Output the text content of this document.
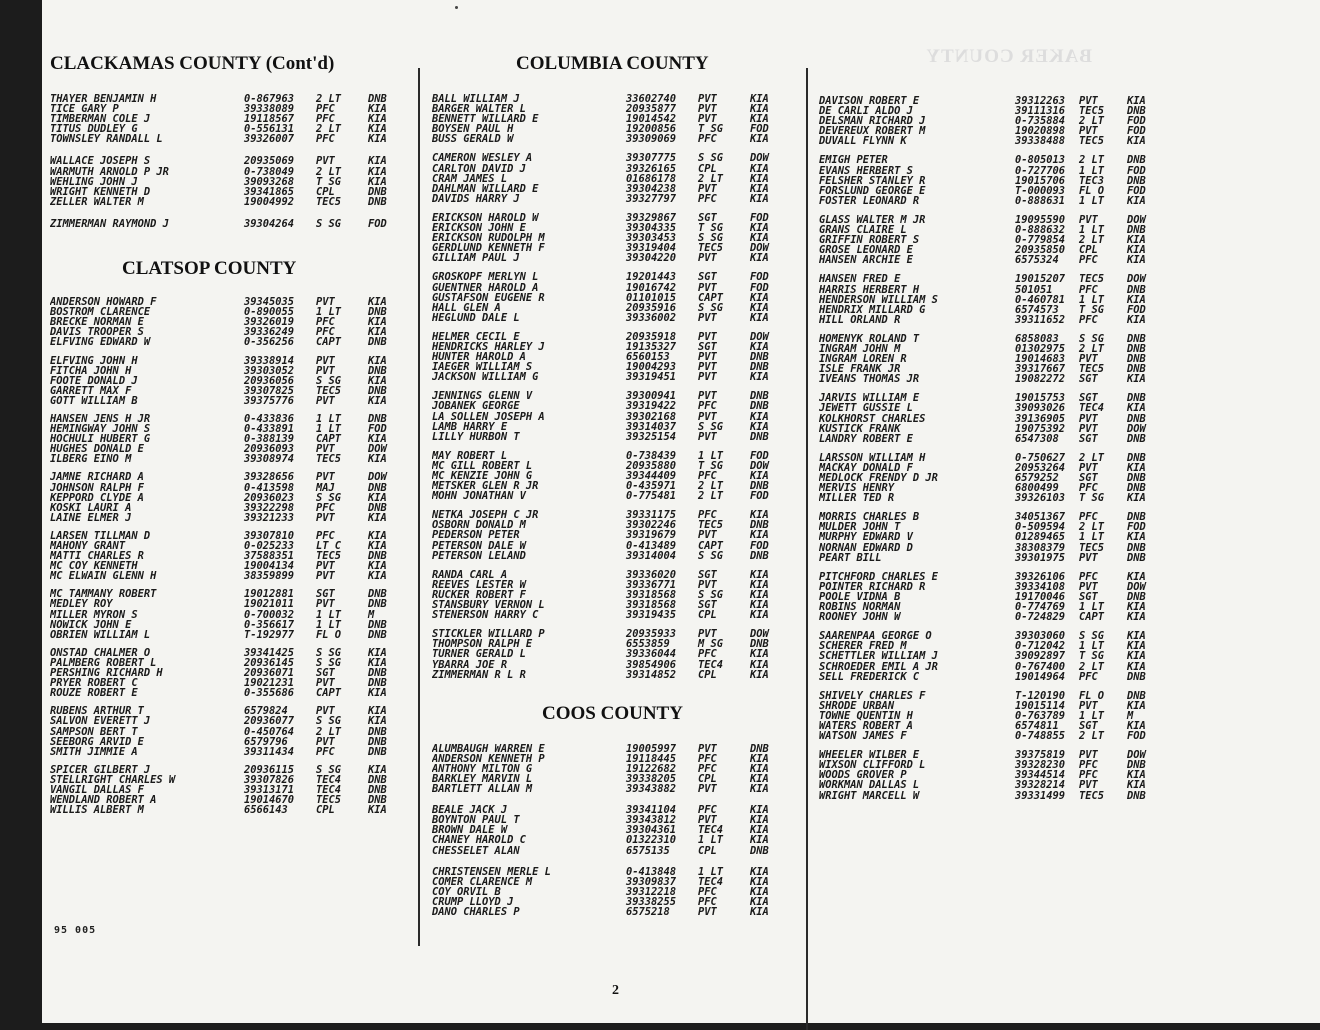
BAKER COUNTY
CLACKAMAS COUNTY (Cont'd)
THAYER BENJAMIN H	0-867963	2 LT	DNB
TICE GARY P	39338089	PFC	KIA
TIMBERMAN COLE J	19118567	PFC	KIA
TITUS DUDLEY G	0-556131	2 LT	KIA
TOWNSLEY RANDALL L	39326007	PFC	KIA
WALLACE JOSEPH S	20935069	PVT	KIA
WARMUTH ARNOLD P JR	0-738049	2 LT	KIA
WEHLING JOHN J	39093268	T SG	KIA
WRIGHT KENNETH D	39341865	CPL	DNB
ZELLER WALTER M	19004992	TEC5	DNB
ZIMMERMAN RAYMOND J	39304264	S SG	FOD
CLATSOP COUNTY
ANDERSON HOWARD F	39345035	PVT	KIA
BOSTROM CLARENCE	0-890055	1 LT	DNB
BRECKE NORMAN E	39326019	PFC	KIA
DAVIS TROOPER S	39336249	PFC	KIA
ELFVING EDWARD W	0-356256	CAPT	DNB
ELFVING JOHN H	39338914	PVT	KIA
FITCHA JOHN H	39303052	PVT	DNB
FOOTE DONALD J	20936056	S SG	KIA
GARRETT MAX F	39307825	TEC5	DNB
GOTT WILLIAM B	39375776	PVT	KIA
HANSEN JENS H JR	0-433836	1 LT	DNB
HEMINGWAY JOHN S	0-433891	1 LT	FOD
HOCHULI HUBERT G	0-388139	CAPT	KIA
HUGHES DONALD E	20936093	PVT	DOW
ILBERG EINO M	39308974	TEC5	KIA
JAMNE RICHARD A	39328656	PVT	DOW
JOHNSON RALPH F	0-413598	MAJ	DNB
KEPPORD CLYDE A	20936023	S SG	KIA
KOSKI LAURI A	39322298	PFC	DNB
LAINE ELMER J	39321233	PVT	KIA
LARSEN TILLMAN D	39307810	PFC	KIA
MAHONY GRANT	0-025233	LT C	KIA
MATTI CHARLES R	37588351	TEC5	DNB
MC COY KENNETH	19004134	PVT	KIA
MC ELWAIN GLENN H	38359899	PVT	KIA
MC TAMMANY ROBERT	19012881	SGT	DNB
MEDLEY ROY	19021011	PVT	DNB
MILLER MYRON S	0-700032	1 LT	M
NOWICK JOHN E	0-356617	1 LT	DNB
OBRIEN WILLIAM L	T-192977	FL O	DNB
ONSTAD CHALMER O	39341425	S SG	KIA
PALMBERG ROBERT L	20936145	S SG	KIA
PERSHING RICHARD H	20936071	SGT	DNB
PRYER ROBERT C	19021231	PVT	DNB
ROUZE ROBERT E	0-355686	CAPT	KIA
RUBENS ARTHUR T	6579824	PVT	KIA
SALVON EVERETT J	20936077	S SG	KIA
SAMPSON BERT T	0-450764	2 LT	DNB
SEEBORG ARVID E	6579796	PVT	DNB
SMITH JIMMIE A	39311434	PFC	DNB
SPICER GILBERT J	20936115	S SG	KIA
STELLRIGHT CHARLES W	39307826	TEC4	DNB
VANGIL DALLAS F	39313171	TEC4	DNB
WENDLAND ROBERT A	19014670	TEC5	DNB
WILLIS ALBERT M	6566143	CPL	KIA
COLUMBIA COUNTY
BALL WILLIAM J	33602740	PVT	KIA
BARGER WALTER L	20935877	PVT	KIA
BENNETT WILLARD E	19014542	PVT	KIA
BOYSEN PAUL H	19200856	T SG	FOD
BUSS GERALD W	39309069	PFC	KIA
CAMERON WESLEY A	39307775	S SG	DOW
CARLTON DAVID J	39326165	CPL	KIA
CRAM JAMES L	01686178	2 LT	KIA
DAHLMAN WILLARD E	39304238	PVT	KIA
DAVIDS HARRY J	39327797	PFC	KIA
ERICKSON HAROLD W	39329867	SGT	FOD
ERICKSON JOHN E	39304335	T SG	KIA
ERICKSON RUDOLPH M	39303453	S SG	KIA
GERDLUND KENNETH F	39319404	TEC5	DOW
GILLIAM PAUL J	39304220	PVT	KIA
GROSKOPF MERLYN L	19201443	SGT	FOD
GUENTNER HAROLD A	19016742	PVT	FOD
GUSTAFSON EUGENE R	01101015	CAPT	KIA
HALL GLEN A	20935916	S SG	KIA
HEGLUND DALE L	39336002	PVT	KIA
HELMER CECIL E	20935918	PVT	DOW
HENDRICKS HARLEY J	19135327	SGT	KIA
HUNTER HAROLD A	6560153	PVT	DNB
IAEGER WILLIAM S	19004293	PVT	DNB
JACKSON WILLIAM G	39319451	PVT	KIA
JENNINGS GLENN V	39300941	PVT	DNB
JOBANEK GEORGE	39319422	PFC	DNB
LA SOLLEN JOSEPH A	39302168	PVT	KIA
LAMB HARRY E	39314037	S SG	KIA
LILLY HURBON T	39325154	PVT	DNB
MAY ROBERT L	0-738439	1 LT	FOD
MC GILL ROBERT L	20935880	T SG	DOW
MC KENZIE JOHN G	39344409	PFC	KIA
METSKER GLEN R JR	0-435971	2 LT	DNB
MOHN JONATHAN V	0-775481	2 LT	FOD
NETKA JOSEPH C JR	39331175	PFC	KIA
OSBORN DONALD M	39302246	TEC5	DNB
PEDERSON PETER	39319679	PVT	KIA
PETERSON DALE W	0-413489	CAPT	FOD
PETERSON LELAND	39314004	S SG	DNB
RANDA CARL A	39336020	SGT	KIA
REEVES LESTER W	39336771	PVT	KIA
RUCKER ROBERT F	39318568	S SG	KIA
STANSBURY VERNON L	39318568	SGT	KIA
STENERSON HARRY C	39319435	CPL	KIA
STICKLER WILLARD P	20935933	PVT	DOW
THOMPSON RALPH E	6553859	M SG	DNB
TURNER GERALD L	39336044	PFC	KIA
YBARRA JOE R	39854906	TEC4	KIA
ZIMMERMAN R L R	39314852	CPL	KIA
COOS COUNTY
ALUMBAUGH WARREN E	19005997	PVT	DNB
ANDERSON KENNETH P	19118445	PFC	KIA
ANTHONY MILTON G	19122682	PFC	KIA
BARKLEY MARVIN L	39338205	CPL	KIA
BARTLETT ALLAN M	39343882	PVT	KIA
BEALE JACK J	39341104	PFC	KIA
BOYNTON PAUL T	39343812	PVT	KIA
BROWN DALE W	39304361	TEC4	KIA
CHANEY HAROLD C	01322310	1 LT	KIA
CHESSELET ALAN	6575135	CPL	DNB
CHRISTENSEN MERLE L	0-413848	1 LT	KIA
COMER CLARENCE M	39309837	TEC4	KIA
COY ORVIL B	39312218	PFC	KIA
CRUMP LLOYD J	39338255	PFC	KIA
DANO CHARLES P	6575218	PVT	KIA
DAVISON ROBERT E	39312263	PVT	KIA
DE CARLI ALDO J	39111316	TEC5	DNB
DELSMAN RICHARD J	0-735884	2 LT	FOD
DEVEREUX ROBERT M	19020898	PVT	FOD
DUVALL FLYNN K	39338488	TEC5	KIA
EMIGH PETER	0-805013	2 LT	DNB
EVANS HERBERT S	0-727706	1 LT	FOD
FELSHER STANLEY R	19015706	TEC3	DNB
FORSLUND GEORGE E	T-000093	FL O	FOD
FOSTER LEONARD R	0-888631	1 LT	KIA
GLASS WALTER M JR	19095590	PVT	DOW
GRANS CLAIRE L	0-888632	1 LT	DNB
GRIFFIN ROBERT S	0-779854	2 LT	KIA
GROSE LEONARD E	20935850	CPL	KIA
HANSEN ARCHIE E	6575324	PFC	KIA
HANSEN FRED E	19015207	TEC5	DOW
HARRIS HERBERT H	501051	PFC	DNB
HENDERSON WILLIAM S	0-460781	1 LT	KIA
HENDRIX MILLARD G	6574573	T SG	FOD
HILL ORLAND R	39311652	PFC	KIA
HOMENYK ROLAND T	6858083	S SG	DNB
INGRAM JOHN M	01302975	2 LT	DNB
INGRAM LOREN R	19014683	PVT	DNB
ISLE FRANK JR	39317667	TEC5	DNB
IVEANS THOMAS JR	19082272	SGT	KIA
JARVIS WILLIAM E	19015753	SGT	DNB
JEWETT GUSSIE L	39093026	TEC4	KIA
KOLKHORST CHARLES	39136905	PVT	DNB
KUSTICK FRANK	19075392	PVT	DOW
LANDRY ROBERT E	6547308	SGT	DNB
LARSSON WILLIAM H	0-750627	2 LT	DNB
MACKAY DONALD F	20953264	PVT	KIA
MEDLOCK FRENDY D JR	6579252	SGT	DNB
MERVIS HENRY	6800499	PFC	DNB
MILLER TED R	39326103	T SG	KIA
MORRIS CHARLES B	34051367	PFC	DNB
MULDER JOHN T	0-509594	2 LT	FOD
MURPHY EDWARD V	01289465	1 LT	KIA
NORNAN EDWARD D	38308379	TEC5	DNB
PEART BILL	39301975	PVT	DNB
PITCHFORD CHARLES E	39326106	PFC	KIA
POINTER RICHARD R	39334108	PVT	DOW
POOLE VIDNA B	19170046	SGT	DNB
ROBINS NORMAN	0-774769	1 LT	KIA
ROONEY JOHN W	0-724829	CAPT	KIA
SAARENPAA GEORGE O	39303060	S SG	KIA
SCHERER FRED M	0-712042	1 LT	KIA
SCHETTLER WILLIAM J	39092897	T SG	KIA
SCHROEDER EMIL A JR	0-767400	2 LT	KIA
SELL FREDERICK C	19014964	PFC	DNB
SHIVELY CHARLES F	T-120190	FL O	DNB
SHRODE URBAN	19015114	PVT	KIA
TOWNE QUENTIN H	0-763789	1 LT	M
WATERS ROBERT A	6574811	SGT	KIA
WATSON JAMES F	0-748855	2 LT	FOD
WHEELER WILBER E	39375819	PVT	DOW
WIXSON CLIFFORD L	39328230	PFC	DNB
WOODS GROVER P	39344514	PFC	KIA
WORKMAN DALLAS L	39328214	PVT	KIA
WRIGHT MARCELL W	39331499	TEC5	DNB
95 005
2
